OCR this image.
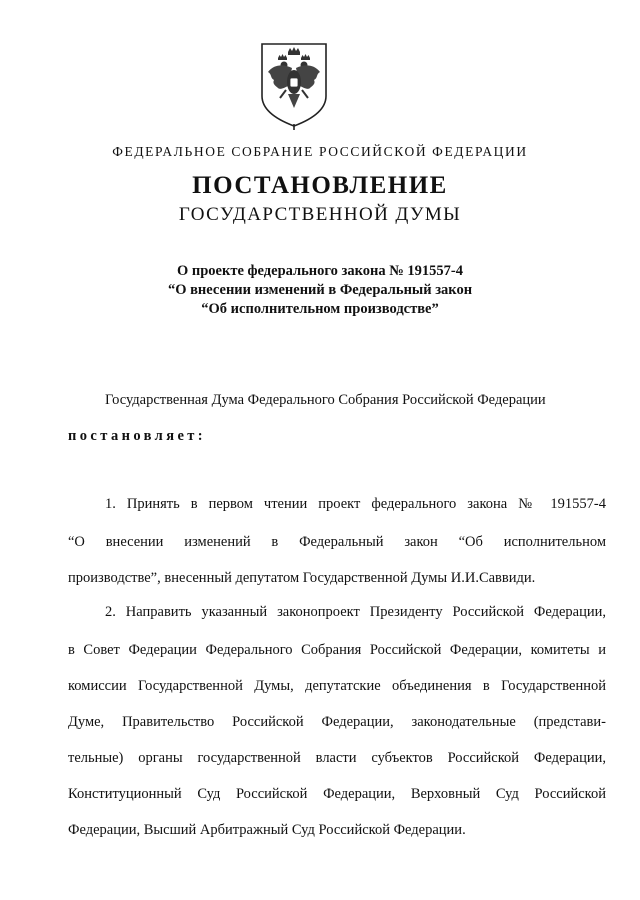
ФЕДЕРАЛЬНОЕ СОБРАНИЕ РОССИЙСКОЙ ФЕДЕРАЦИИ
ПОСТАНОВЛЕНИЕ
ГОСУДАРСТВЕННОЙ ДУМЫ
О проекте федерального закона № 191557-4
“О внесении изменений в Федеральный закон
“Об исполнительном производстве”
Государственная Дума Федерального Собрания Российской Федерации
постановляет:
1. Принять в первом чтении проект федерального закона № 191557-4
“О внесении изменений в Федеральный закон “Об исполнительном
производстве”, внесенный депутатом Государственной Думы И.И.Саввиди.
2. Направить указанный законопроект Президенту Российской Федерации,
в Совет Федерации Федерального Собрания Российской Федерации, комитеты и
комиссии Государственной Думы, депутатские объединения в Государственной
Думе, Правительство Российской Федерации, законодательные (представи-
тельные) органы государственной власти субъектов Российской Федерации,
Конституционный Суд Российской Федерации, Верховный Суд Российской
Федерации, Высший Арбитражный Суд Российской Федерации.
